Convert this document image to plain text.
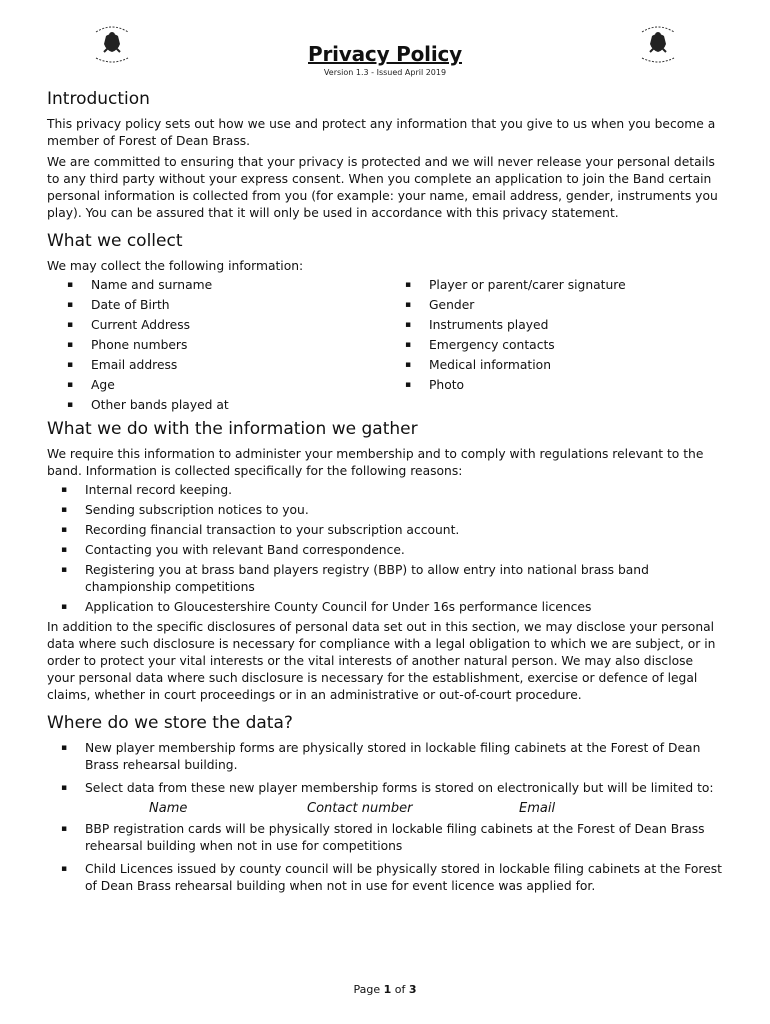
Privacy Policy
Version 1.3 - Issued April 2019
Introduction

This privacy policy sets out how we use and protect any information that you give to us when you become a member of Forest of Dean Brass.

We are committed to ensuring that your privacy is protected and we will never release your personal details to any third party without your express consent. When you complete an application to join the Band certain personal information is collected from you (for example: your name, email address, gender, instruments you play). You can be assured that it will only be used in accordance with this privacy statement.

What we collect

We may collect the following information:

▪ Name and surname
▪ Date of Birth
▪ Current Address
▪ Phone numbers
▪ Email address
▪ Age
▪ Other bands played at
▪ Player or parent/carer signature
▪ Gender
▪ Instruments played
▪ Emergency contacts
▪ Medical information
▪ Photo
What we do with the information we gather

We require this information to administer your membership and to comply with regulations relevant to the band. Information is collected specifically for the following reasons:

▪ Internal record keeping.
▪ Sending subscription notices to you.
▪ Recording financial transaction to your subscription account.
▪ Contacting you with relevant Band correspondence.
▪ Registering you at brass band players registry (BBP) to allow entry into national brass band championship competitions
▪ Application to Gloucestershire County Council for Under 16s performance licences

In addition to the specific disclosures of personal data set out in this section, we may disclose your personal data where such disclosure is necessary for compliance with a legal obligation to which we are subject, or in order to protect your vital interests or the vital interests of another natural person. We may also disclose your personal data where such disclosure is necessary for the establishment, exercise or defence of legal claims, whether in court proceedings or in an administrative or out-of-court procedure.

Where do we store the data?
▪ New player membership forms are physically stored in lockable filing cabinets at the Forest of Dean Brass rehearsal building.
▪ Select data from these new player membership forms is stored on electronically but will be limited to:
Name	Contact number	Email
▪ BBP registration cards will be physically stored in lockable filing cabinets at the Forest of Dean Brass rehearsal building when not in use for competitions
▪ Child Licences issued by county council will be physically stored in lockable filing cabinets at the Forest of Dean Brass rehearsal building when not in use for event licence was applied for.
Page 1 of 3
